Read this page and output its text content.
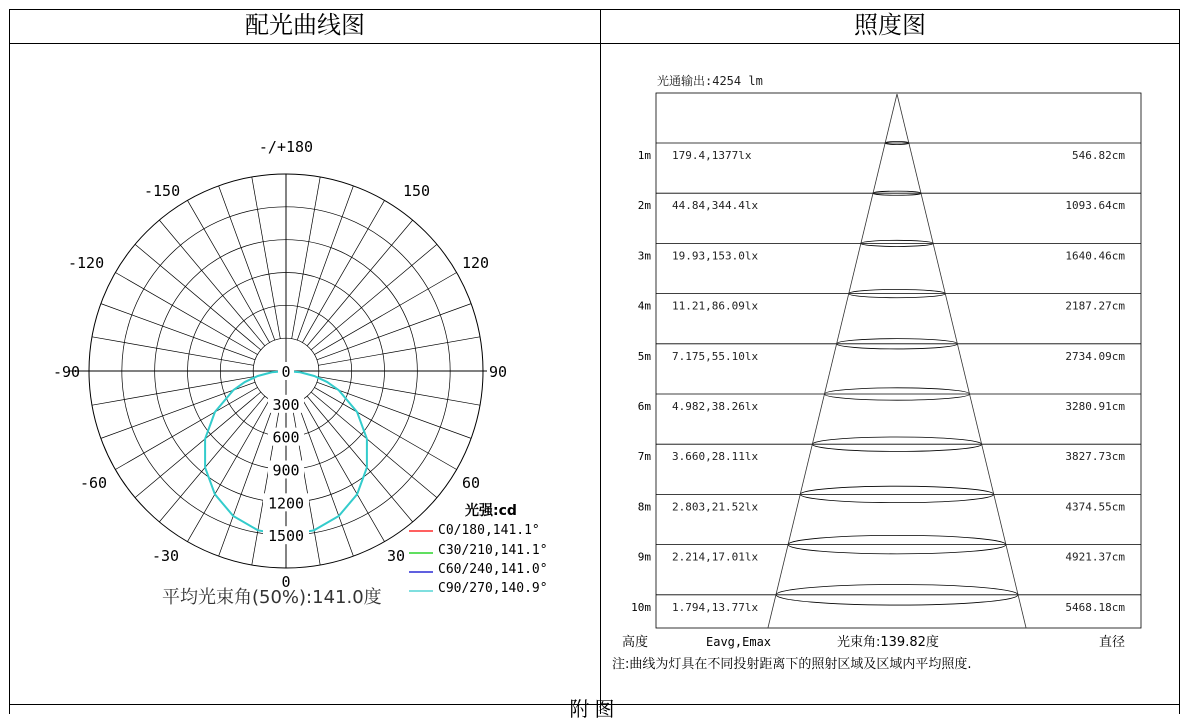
配光曲线图	照度图
-/+180
150
-150
120
-120
90
-90
60
-60
30
-30
0
0
300
600
900
1200
1500
光强:cd
C0/180,141.1°
C30/210,141.1°
C60/240,141.0°
C90/270,140.9°
平均光束角(50%):141.0度
光通输出:4254 lm
1m 179.4,1377lx	546.82cm
2m 44.84,344.4lx	1093.64cm
3m 19.93,153.0lx	1640.46cm
4m 11.21,86.09lx	2187.27cm
5m 7.175,55.10lx	2734.09cm
6m 4.982,38.26lx	3280.91cm
7m 3.660,28.11lx	3827.73cm
8m 2.803,21.52lx	4374.55cm
9m 2.214,17.01lx	4921.37cm
10m 1.794,13.77lx	5468.18cm
高度	Eavg,Emax	光束角:139.82度	直径
注:曲线为灯具在不同投射距离下的照射区域及区域内平均照度.
附 图
